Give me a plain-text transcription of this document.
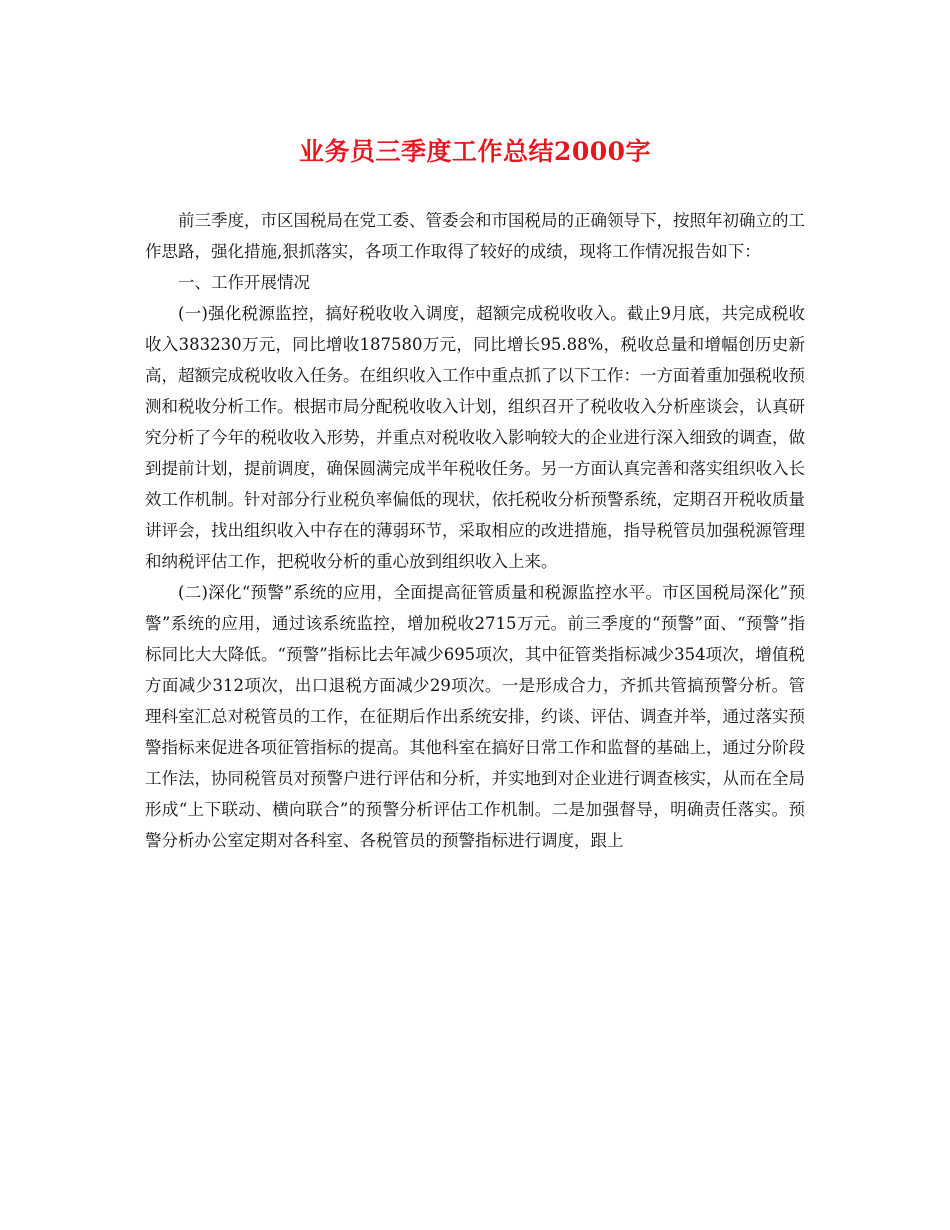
业务员三季度工作总结2000字

前三季度，市区国税局在党工委、管委会和市国税局的正确领导下，按照年初确立的工作思路，强化措施,狠抓落实，各项工作取得了较好的成绩，现将工作情况报告如下：

一、工作开展情况

(一)强化税源监控，搞好税收收入调度，超额完成税收收入。截止9月底，共完成税收收入383230万元，同比增收187580万元，同比增长95.88%，税收总量和增幅创历史新高，超额完成税收收入任务。在组织收入工作中重点抓了以下工作：一方面着重加强税收预测和税收分析工作。根据市局分配税收收入计划，组织召开了税收收入分析座谈会，认真研究分析了今年的税收收入形势，并重点对税收收入影响较大的企业进行深入细致的调查，做到提前计划，提前调度，确保圆满完成半年税收任务。另一方面认真完善和落实组织收入长效工作机制。针对部分行业税负率偏低的现状，依托税收分析预警系统，定期召开税收质量讲评会，找出组织收入中存在的薄弱环节，采取相应的改进措施，指导税管员加强税源管理和纳税评估工作，把税收分析的重心放到组织收入上来。

(二)深化“预警”系统的应用，全面提高征管质量和税源监控水平。市区国税局深化”预警”系统的应用，通过该系统监控，增加税收2715万元。前三季度的“预警”面、“预警”指标同比大大降低。“预警”指标比去年减少695项次，其中征管类指标减少354项次，增值税方面减少312项次，出口退税方面减少29项次。一是形成合力，齐抓共管搞预警分析。管理科室汇总对税管员的工作，在征期后作出系统安排，约谈、评估、调查并举，通过落实预警指标来促进各项征管指标的提高。其他科室在搞好日常工作和监督的基础上，通过分阶段工作法，协同税管员对预警户进行评估和分析，并实地到对企业进行调查核实，从而在全局形成“上下联动、横向联合”的预警分析评估工作机制。二是加强督导，明确责任落实。预警分析办公室定期对各科室、各税管员的预警指标进行调度，跟上
